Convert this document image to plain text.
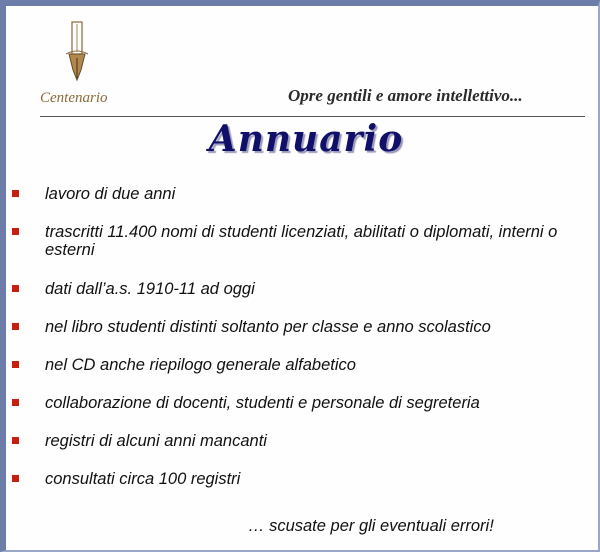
Centenario	Opre gentili e amore intellettivo...
Annuario
lavoro di due anni
trascritti 11.400 nomi di studenti licenziati, abilitati o diplomati, interni o esterni
dati dall’a.s. 1910-11 ad oggi
nel libro studenti distinti soltanto per classe e anno scolastico
nel CD anche riepilogo generale alfabetico
collaborazione di docenti, studenti e personale di segreteria
registri di alcuni anni mancanti
consultati circa 100 registri
… scusate per gli eventuali errori!
